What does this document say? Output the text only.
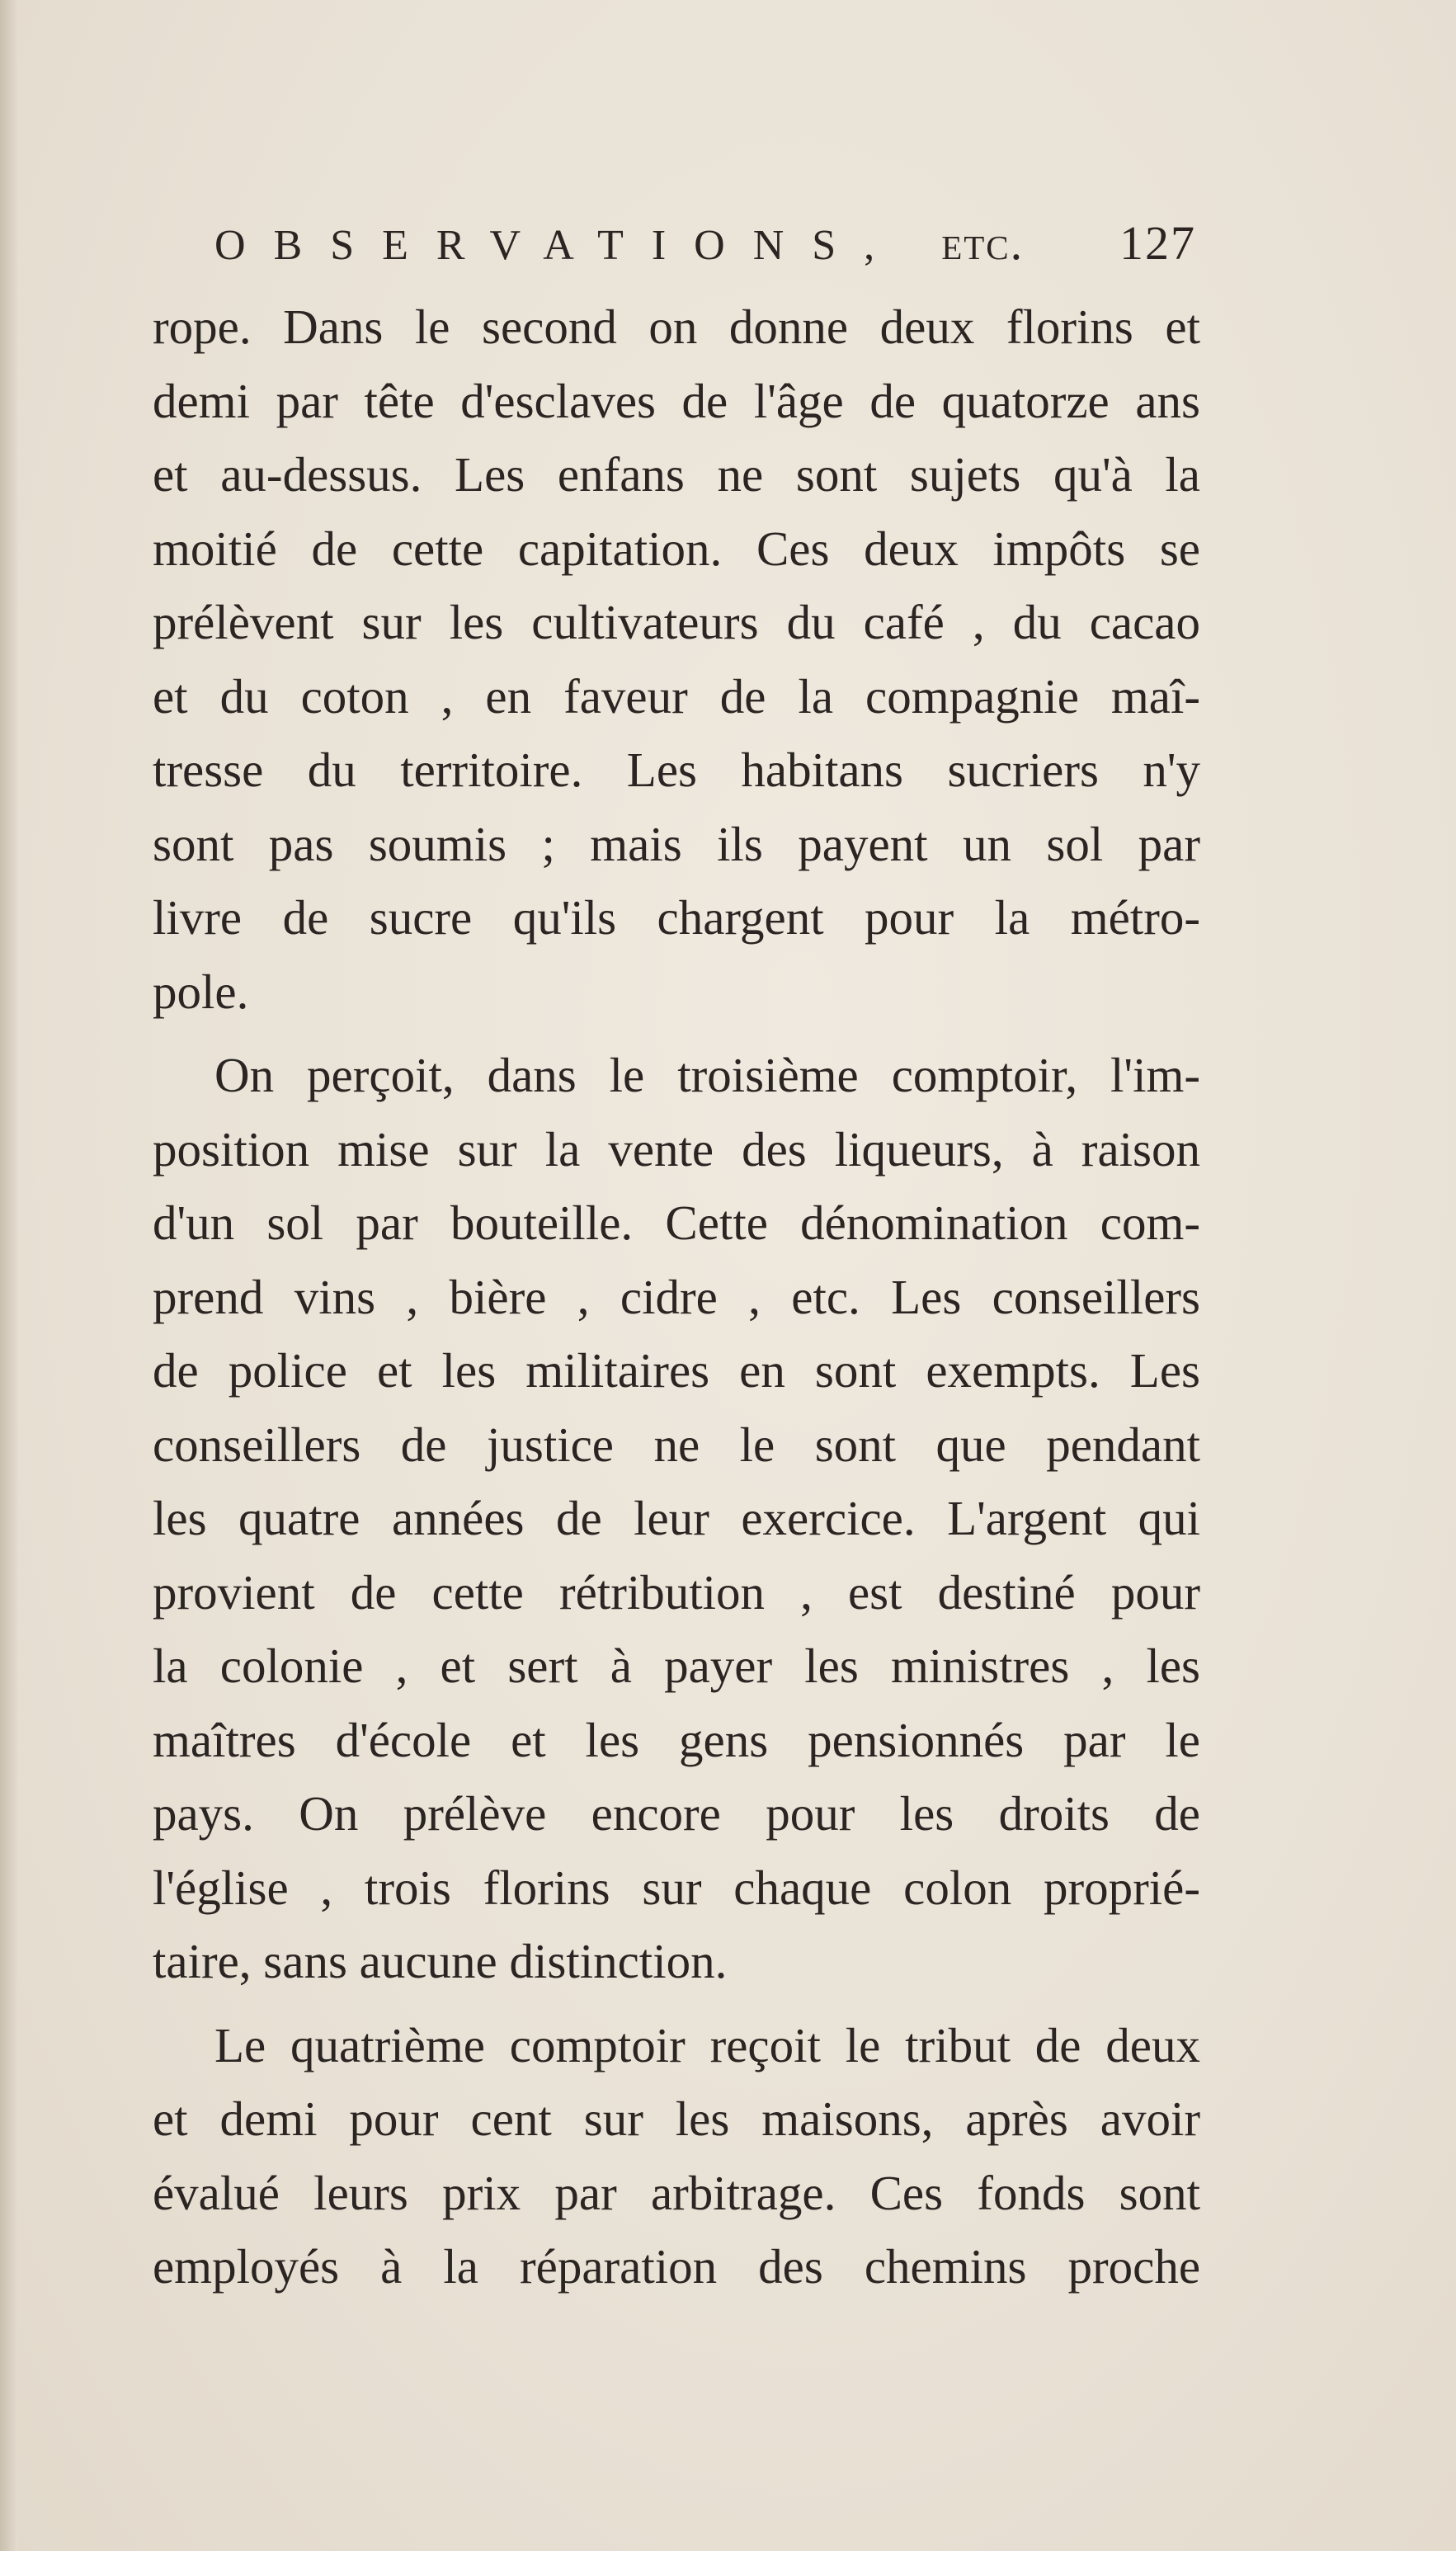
OBSERVATIONS, etc. 127
rope. Dans le second on donne deux florins et
demi par tête d'esclaves de l'âge de quatorze ans
et au-dessus. Les enfans ne sont sujets qu'à la
moitié de cette capitation. Ces deux impôts se
prélèvent sur les cultivateurs du café , du cacao
et du coton , en faveur de la compagnie maî-
tresse du territoire. Les habitans sucriers n'y
sont pas soumis ; mais ils payent un sol par
livre de sucre qu'ils chargent pour la métro-
pole.
On perçoit, dans le troisième comptoir, l'im-
position mise sur la vente des liqueurs, à raison
d'un sol par bouteille. Cette dénomination com-
prend vins , bière , cidre , etc. Les conseillers
de police et les militaires en sont exempts. Les
conseillers de justice ne le sont que pendant
les quatre années de leur exercice. L'argent qui
provient de cette rétribution , est destiné pour
la colonie , et sert à payer les ministres , les
maîtres d'école et les gens pensionnés par le
pays. On prélève encore pour les droits de
l'église , trois florins sur chaque colon proprié-
taire, sans aucune distinction.
Le quatrième comptoir reçoit le tribut de deux
et demi pour cent sur les maisons, après avoir
évalué leurs prix par arbitrage. Ces fonds sont
employés à la réparation des chemins proche
